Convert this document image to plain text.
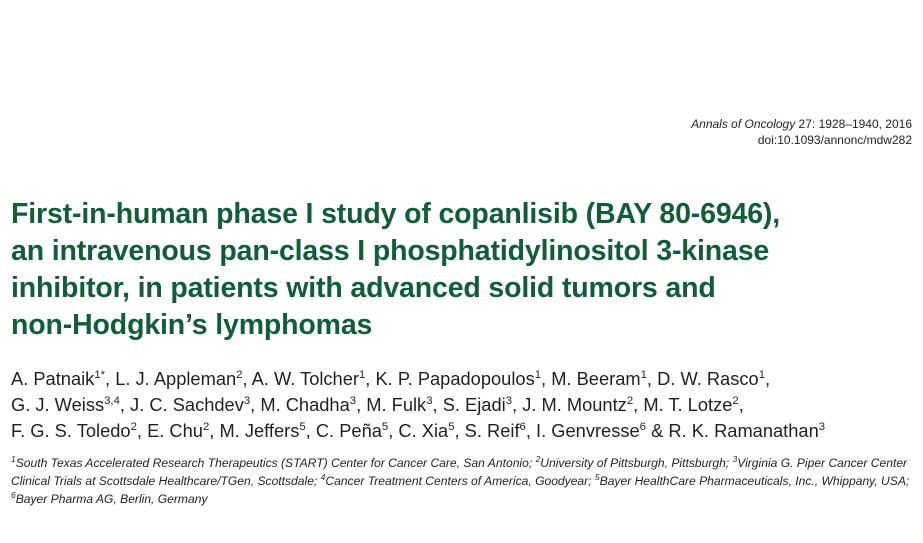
Annals of Oncology 27: 1928–1940, 2016
doi:10.1093/annonc/mdw282
First-in-human phase I study of copanlisib (BAY 80-6946),
an intravenous pan-class I phosphatidylinositol 3-kinase
inhibitor, in patients with advanced solid tumors and
non-Hodgkin’s lymphomas
A. Patnaik$^{1*}$, L. J. Appleman$^2$, A. W. Tolcher$^1$, K. P. Papadopoulos$^1$, M. Beeram$^1$, D. W. Rasco$^1$,
G. J. Weiss$^{3,4}$, J. C. Sachdev$^3$, M. Chadha$^3$, M. Fulk$^3$, S. Ejadi$^3$, J. M. Mountz$^2$, M. T. Lotze$^2$,
F. G. S. Toledo$^2$, E. Chu$^2$, M. Jeffers$^5$, C. Peña$^5$, C. Xia$^5$, S. Reif$^6$, I. Genvresse$^6$ & R. K. Ramanathan$^3$
$^1$South Texas Accelerated Research Therapeutics (START) Center for Cancer Care, San Antonio; $^2$University of Pittsburgh, Pittsburgh; $^3$Virginia G. Piper Cancer Center
Clinical Trials at Scottsdale Healthcare/TGen, Scottsdale; $^4$Cancer Treatment Centers of America, Goodyear; $^5$Bayer HealthCare Pharmaceuticals, Inc., Whippany, USA;
$^6$Bayer Pharma AG, Berlin, Germany
